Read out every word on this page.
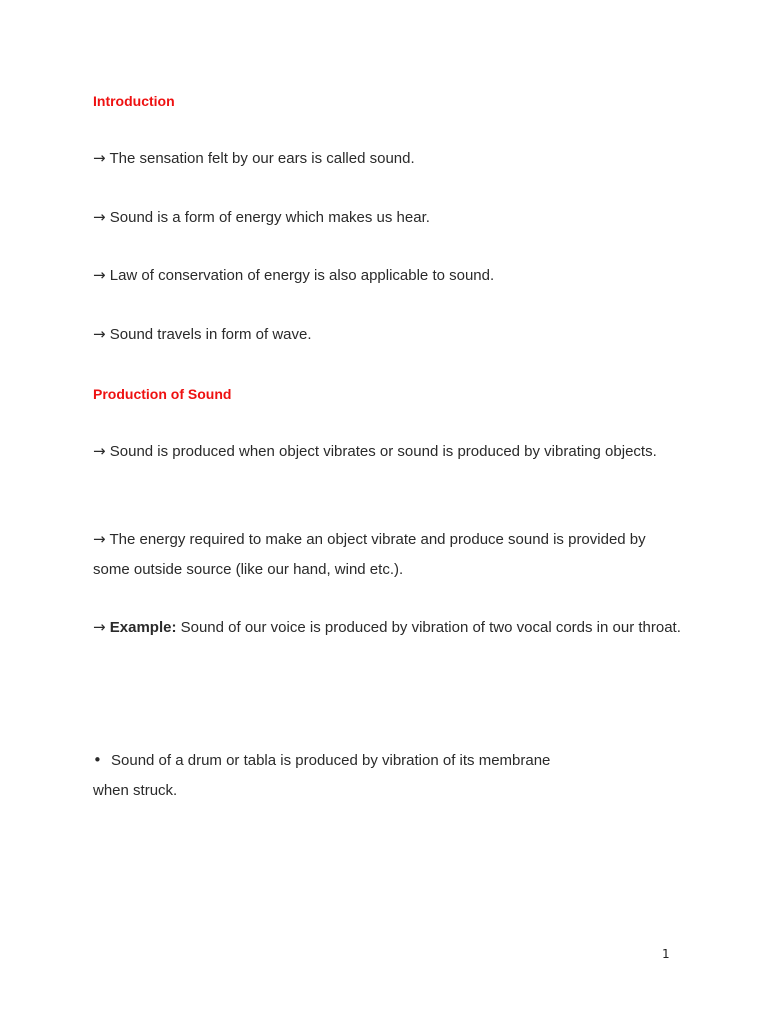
Introduction

→ The sensation felt by our ears is called sound.

→ Sound is a form of energy which makes us hear.

→ Law of conservation of energy is also applicable to sound.

→ Sound travels in form of wave.

Production of Sound

→ Sound is produced when object vibrates or sound is produced by vibrating objects.

→ The energy required to make an object vibrate and produce sound is provided by some outside source (like our hand, wind etc.).

→ Example: Sound of our voice is produced by vibration of two vocal cords in our throat.

• Sound of a drum or tabla is produced by vibration of its membrane
when struck.

1
